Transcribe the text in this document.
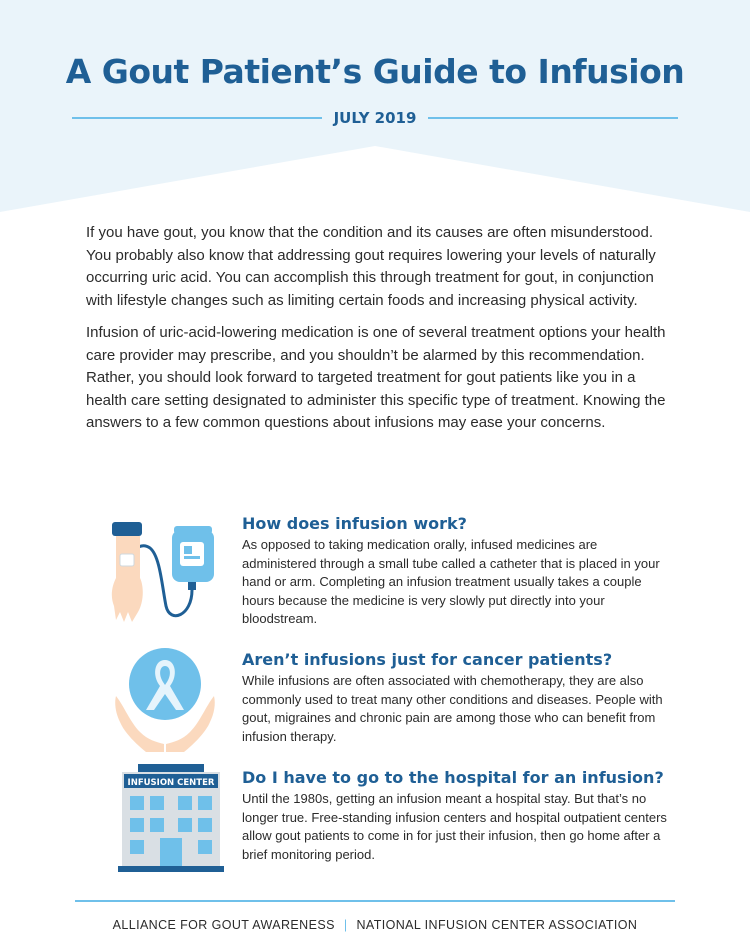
A Gout Patient’s Guide to Infusion
JULY 2019

If you have gout, you know that the condition and its causes are often misunderstood. You probably also know that addressing gout requires lowering your levels of naturally occurring uric acid. You can accomplish this through treatment for gout, in conjunction with lifestyle changes such as limiting certain foods and increasing physical activity.

Infusion of uric-acid-lowering medication is one of several treatment options your health care provider may prescribe, and you shouldn’t be alarmed by this recommendation. Rather, you should look forward to targeted treatment for gout patients like you in a health care setting designated to administer this specific type of treatment. Knowing the answers to a few common questions about infusions may ease your concerns.

How does infusion work?

As opposed to taking medication orally, infused medicines are administered through a small tube called a catheter that is placed in your hand or arm. Completing an infusion treatment usually takes a couple hours because the medicine is very slowly put directly into your bloodstream.

Aren’t infusions just for cancer patients?

While infusions are often associated with chemotherapy, they are also commonly used to treat many other conditions and diseases. People with gout, migraines and chronic pain are among those who can benefit from infusion therapy.

INFUSION CENTER Do I have to go to the hospital for an infusion?

Until the 1980s, getting an infusion meant a hospital stay. But that’s no longer true. Free-standing infusion centers and hospital outpatient centers allow gout patients to come in for just their infusion, then go home after a brief monitoring period.

ALLIANCE FOR GOUT AWARENESS | NATIONAL INFUSION CENTER ASSOCIATION
